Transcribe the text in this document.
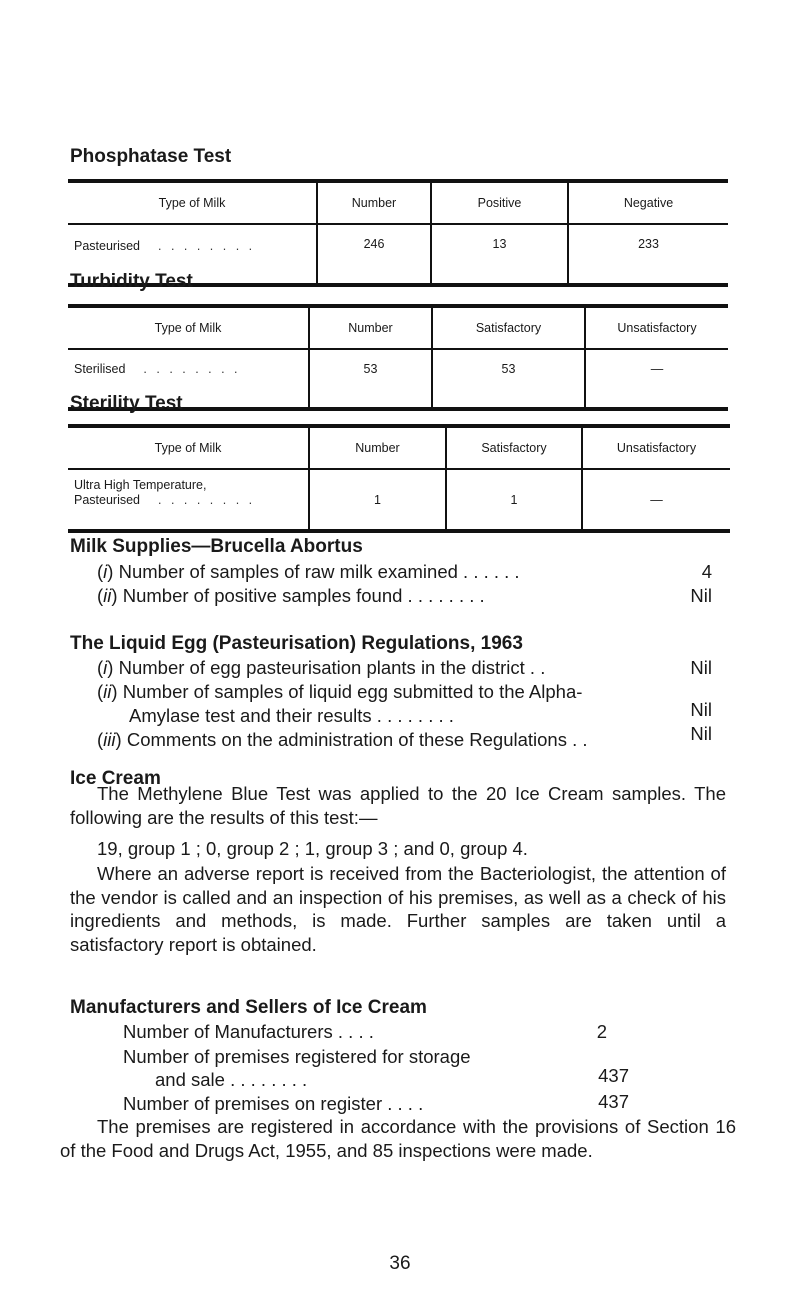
Phosphatase Test
Type of Milk	Number	Positive	Negative
Pasteurised . . . . . . . .	246	13	233
Turbidity Test
Type of Milk	Number	Satisfactory	Unsatisfactory
Sterilised . . . . . . . .	53	53	—
Sterility Test
Type of Milk	Number	Satisfactory	Unsatisfactory

Ultra High Temperature,
Pasteurised . . . . . . . .	1	1	—
Milk Supplies—Brucella Abortus
(i) Number of samples of raw milk examined . . . . . .	4
(ii) Number of positive samples found . . . . . . . .	Nil
The Liquid Egg (Pasteurisation) Regulations, 1963
(i) Number of egg pasteurisation plants in the district . .	Nil
(ii) Number of samples of liquid egg submitted to the Alpha-
Amylase test and their results . . . . . . . .	Nil
(iii) Comments on the administration of these Regulations . .	Nil
Ice Cream
The Methylene Blue Test was applied to the 20 Ice Cream samples. The following are the results of this test:—
19, group 1 ; 0, group 2 ; 1, group 3 ; and 0, group 4.
Where an adverse report is received from the Bacteriologist, the attention of the vendor is called and an inspection of his premises, as well as a check of his ingredients and methods, is made. Further samples are taken until a satisfactory report is obtained.
Manufacturers and Sellers of Ice Cream
Number of Manufacturers . . . .	2
Number of premises registered for storage
and sale . . . . . . . .	437
Number of premises on register . . . .	437
The premises are registered in accordance with the provisions of Section 16 of the Food and Drugs Act, 1955, and 85 inspections were made.
36
